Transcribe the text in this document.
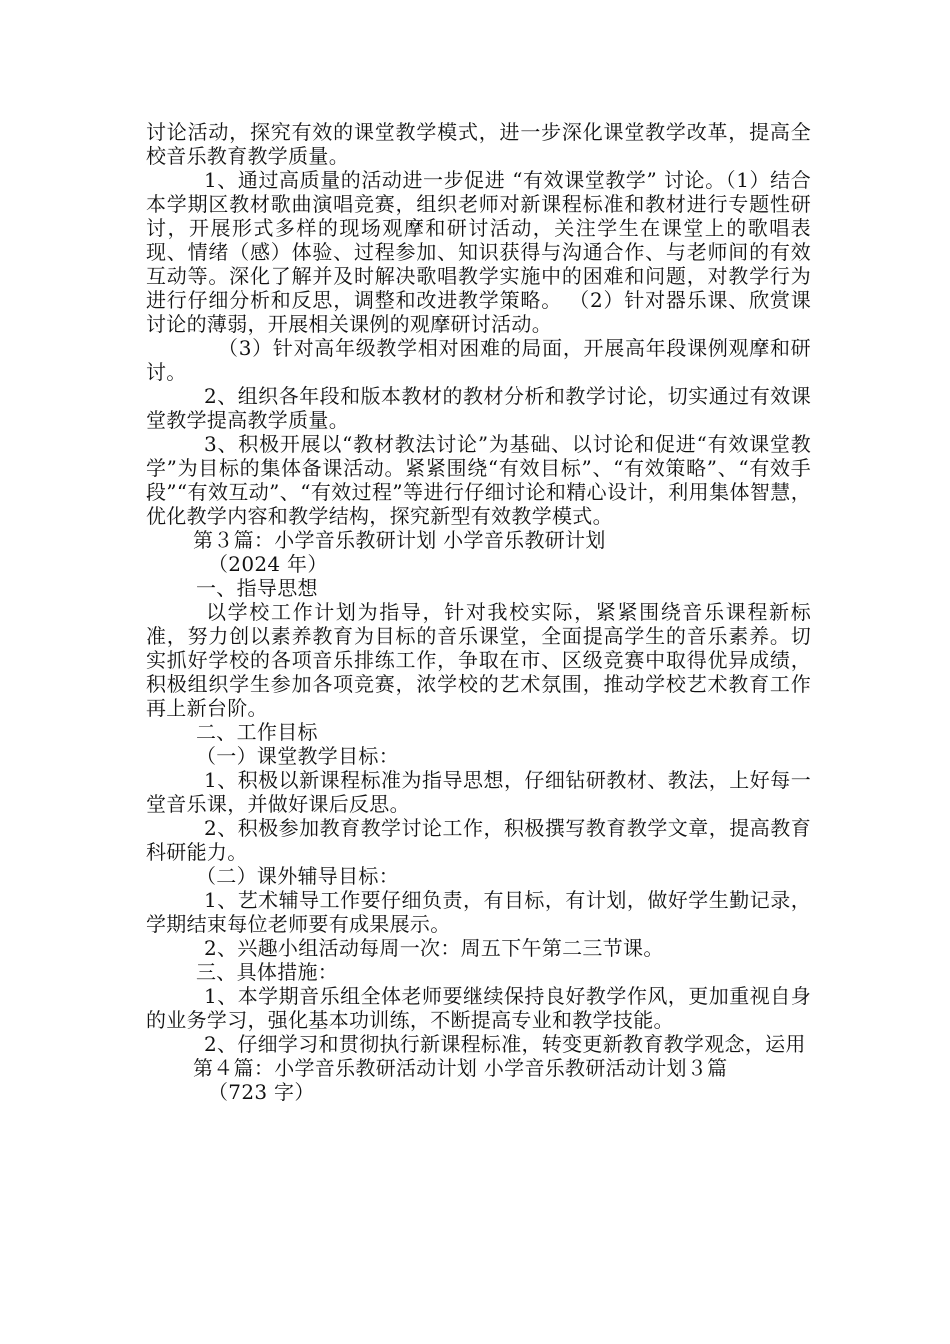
讨论活动，探究有效的课堂教学模式，进一步深化课堂教学改革，提高全校音乐教育教学质量。

1、通过高质量的活动进一步促进 “有效课堂教学” 讨论。（1）结合本学期区教材歌曲演唱竞赛，组织老师对新课程标准和教材进行专题性研讨，开展形式多样的现场观摩和研讨活动，关注学生在课堂上的歌唱表现、情绪（感）体验、过程参加、知识获得与沟通合作、与老师间的有效互动等。深化了解并及时解决歌唱教学实施中的困难和问题，对教学行为进行仔细分析和反思，调整和改进教学策略。 （2）针对器乐课、欣赏课讨论的薄弱，开展相关课例的观摩研讨活动。

（3）针对高年级教学相对困难的局面，开展高年段课例观摩和研讨。

2、组织各年段和版本教材的教材分析和教学讨论，切实通过有效课堂教学提高教学质量。

3、积极开展以“教材教法讨论”为基础、以讨论和促进“有效课堂教学”为目标的集体备课活动。紧紧围绕“有效目标”、“有效策略”、“有效手段”“有效互动”、“有效过程”等进行仔细讨论和精心设计，利用集体智慧，优化教学内容和教学结构，探究新型有效教学模式。

第３篇：小学音乐教研计划 小学音乐教研计划

（2024 年）

一、指导思想

以学校工作计划为指导，针对我校实际，紧紧围绕音乐课程新标准，努力创以素养教育为目标的音乐课堂，全面提高学生的音乐素养。切实抓好学校的各项音乐排练工作，争取在市、区级竞赛中取得优异成绩，积极组织学生参加各项竞赛，浓学校的艺术氛围，推动学校艺术教育工作再上新台阶。

二、工作目标

（一）课堂教学目标：

1、积极以新课程标准为指导思想，仔细钻研教材、教法，上好每一堂音乐课，并做好课后反思。

2、积极参加教育教学讨论工作，积极撰写教育教学文章，提高教育科研能力。

（二）课外辅导目标：

1、艺术辅导工作要仔细负责，有目标，有计划，做好学生勤记录，学期结束每位老师要有成果展示。

2、兴趣小组活动每周一次：周五下午第二三节课。

三、具体措施：

1、本学期音乐组全体老师要继续保持良好教学作风，更加重视自身的业务学习，强化基本功训练，不断提高专业和教学技能。

2、仔细学习和贯彻执行新课程标准，转变更新教育教学观念，运用

第４篇：小学音乐教研活动计划 小学音乐教研活动计划３篇

（723 字）
